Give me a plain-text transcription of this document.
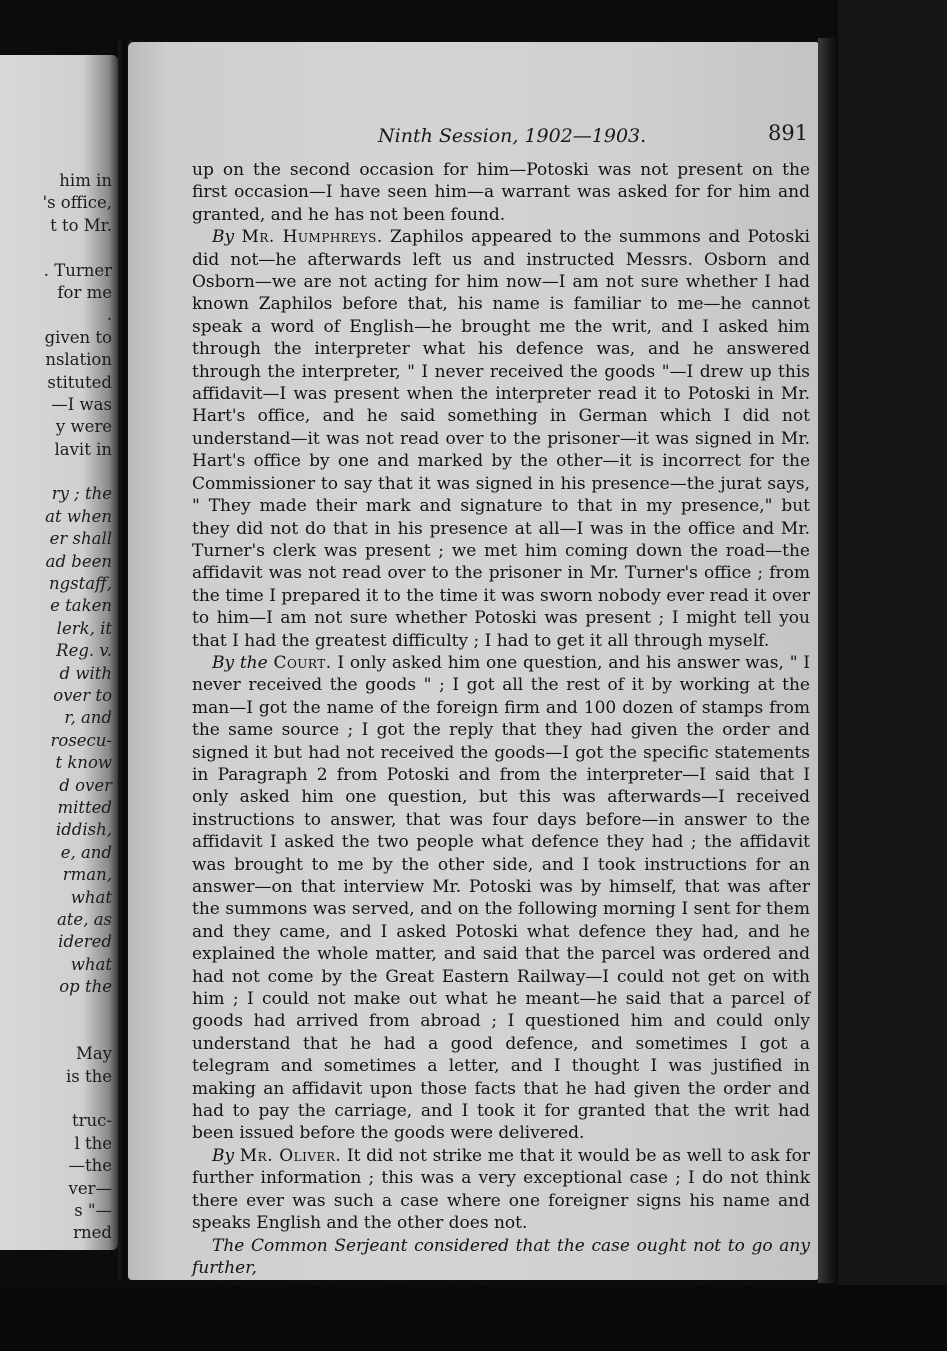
him in
's office,
t to Mr.
. Turner
for me
.
given to
nslation
stituted
—I was
y were
lavit in
ry ; the
at when
er shall
ad been
ngstaff,
e taken
lerk, it
Reg. v.
d with
over to
r, and
rosecu-
t know
d over
mitted
iddish,
e, and
rman,
what
ate, as
idered
what
op the
May
is the
truc-
l the
—the
ver—
s "—
rned
Ninth Session, 1902—1903.	891

up on the second occasion for him—Potoski was not present on the first occasion—I have seen him—a warrant was asked for for him and granted, and he has not been found.

By Mr. Humphreys. Zaphilos appeared to the summons and Potoski did not—he afterwards left us and instructed Messrs. Osborn and Osborn—we are not acting for him now—I am not sure whether I had known Zaphilos before that, his name is familiar to me—he cannot speak a word of English—he brought me the writ, and I asked him through the interpreter what his defence was, and he answered through the interpreter, " I never received the goods "—I drew up this affidavit—I was present when the interpreter read it to Potoski in Mr. Hart's office, and he said something in German which I did not understand—it was not read over to the prisoner—it was signed in Mr. Hart's office by one and marked by the other—it is incorrect for the Commissioner to say that it was signed in his presence—the jurat says, " They made their mark and signature to that in my presence," but they did not do that in his presence at all—I was in the office and Mr. Turner's clerk was present ; we met him coming down the road—the affidavit was not read over to the prisoner in Mr. Turner's office ; from the time I prepared it to the time it was sworn nobody ever read it over to him—I am not sure whether Potoski was present ; I might tell you that I had the greatest difficulty ; I had to get it all through myself.

By the Court. I only asked him one question, and his answer was, " I never received the goods " ; I got all the rest of it by working at the man—I got the name of the foreign firm and 100 dozen of stamps from the same source ; I got the reply that they had given the order and signed it but had not received the goods—I got the specific statements in Paragraph 2 from Potoski and from the interpreter—I said that I only asked him one question, but this was afterwards—I received instructions to answer, that was four days before—in answer to the affidavit I asked the two people what defence they had ; the affidavit was brought to me by the other side, and I took instructions for an answer—on that interview Mr. Potoski was by himself, that was after the summons was served, and on the following morning I sent for them and they came, and I asked Potoski what defence they had, and he explained the whole matter, and said that the parcel was ordered and had not come by the Great Eastern Railway—I could not get on with him ; I could not make out what he meant—he said that a parcel of goods had arrived from abroad ; I questioned him and could only understand that he had a good defence, and sometimes I got a telegram and sometimes a letter, and I thought I was justified in making an affidavit upon those facts that he had given the order and had to pay the carriage, and I took it for granted that the writ had been issued before the goods were delivered.

By Mr. Oliver. It did not strike me that it would be as well to ask for further information ; this was a very exceptional case ; I do not think there ever was such a case where one foreigner signs his name and speaks English and the other does not.

The Common Serjeant considered that the case ought not to go any further,
